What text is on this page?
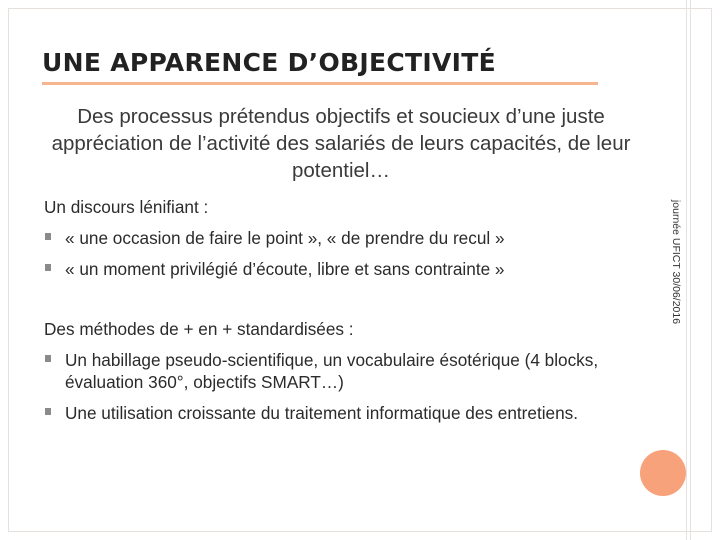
UNE APPARENCE D’OBJECTIVITÉ
Des processus prétendus objectifs et soucieux d’une juste appréciation de l’activité des salariés de leurs capacités, de leur potentiel…

Un discours lénifiant :

« une occasion de faire le point », « de prendre du recul »
« un moment privilégié d’écoute, libre et sans contrainte »

Des méthodes de + en + standardisées :

Un habillage pseudo-scientifique, un vocabulaire ésotérique (4 blocks, évaluation 360°, objectifs SMART…)
Une utilisation croissante du traitement informatique des entretiens.
journée UFICT 30/06/2016
